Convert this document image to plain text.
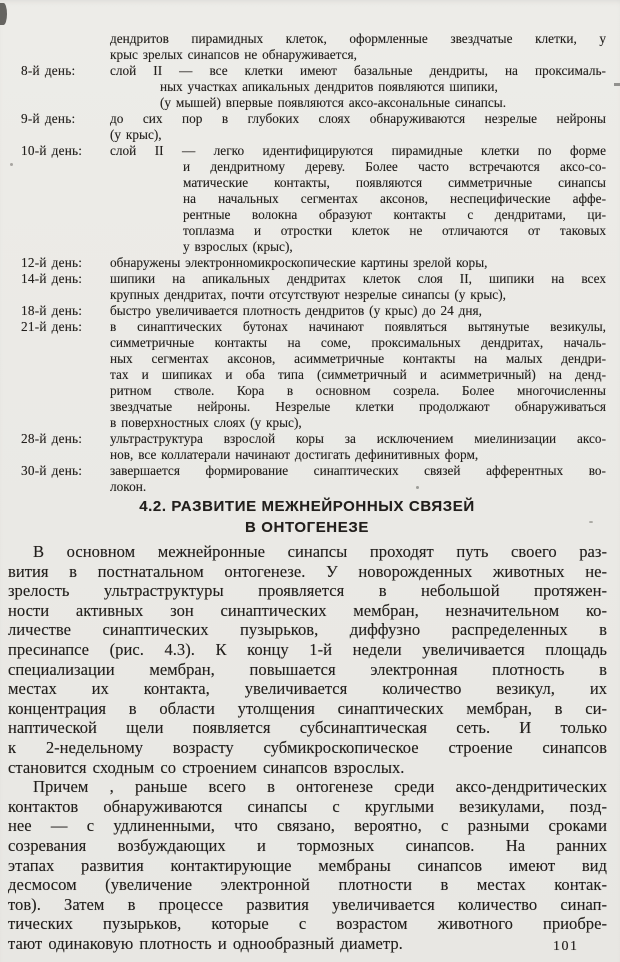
дендритов пирамидных клеток, оформленные звездчатые клетки, у
крыс зрелых синапсов не обнаруживается,
8-й день:	слой II — все клетки имеют базальные дендриты, на проксималь-
ных участках апикальных дендритов появляются шипики,
(у мышей) впервые появляются аксо-аксональные синапсы.
9-й день:	до сих пор в глубоких слоях обнаруживаются незрелые нейроны
(у крыс),
10-й день:	слой II — легко идентифицируются пирамидные клетки по форме
и дендритному дереву. Более часто встречаются аксо-со-
матические контакты, появляются симметричные синапсы
на начальных сегментах аксонов, неспецифические аффе-
рентные волокна образуют контакты с дендритами, ци-
топлазма и отростки клеток не отличаются от таковых
у взрослых (крыс),
12-й день:	обнаружены электронномикроскопические картины зрелой коры,
14-й день:	шипики на апикальных дендритах клеток слоя II, шипики на всех
крупных дендритах, почти отсутствуют незрелые синапсы (у крыс),
18-й день:	быстро увеличивается плотность дендритов (у крыс) до 24 дня,
21-й день:	в синаптических бутонах начинают появляться вытянутые везикулы,
симметричные контакты на соме, проксимальных дендритах, началь-
ных сегментах аксонов, асимметричные контакты на малых дендри-
тах и шипиках и оба типа (симметричный и асимметричный) на денд-
ритном стволе. Кора в основном созрела. Более многочисленны
звездчатые нейроны. Незрелые клетки продолжают обнаруживаться
в поверхностных слоях (у крыс),
28-й день:	ультраструктура взрослой коры за исключением миелинизации аксо-
нов, все коллатерали начинают достигать дефинитивных форм,
30-й день:	завершается формирование синаптических связей афферентных во-
локон.
4.2. РАЗВИТИЕ МЕЖНЕЙРОННЫХ СВЯЗЕЙ
В ОНТОГЕНЕЗЕ
В основном межнейронные синапсы проходят путь своего раз-
вития в постнатальном онтогенезе. У новорожденных животных не-
зрелость ультраструктуры проявляется в небольшой протяжен-
ности активных зон синаптических мембран, незначительном ко-
личестве синаптических пузырьков, диффузно распределенных в
пресинапсе (рис. 4.3). К концу 1-й недели увеличивается площадь
специализации мембран, повышается электронная плотность в
местах их контакта, увеличивается количество везикул, их
концентрация в области утолщения синаптических мембран, в си-
наптической щели появляется субсинаптическая сеть. И только
к 2-недельному возрасту субмикроскопическое строение синапсов
становится сходным со строением синапсов взрослых.
Причем , раньше всего в онтогенезе среди аксо-дендритических
контактов обнаруживаются синапсы с круглыми везикулами, позд-
нее — с удлиненными, что связано, вероятно, с разными сроками
созревания возбуждающих и тормозных синапсов. На ранних
этапах развития контактирующие мембраны синапсов имеют вид
десмосом (увеличение электронной плотности в местах контак-
тов). Затем в процессе развития увеличивается количество синап-
тических пузырьков, которые с возрастом животного приобре-
тают одинаковую плотность и однообразный диаметр.	101
